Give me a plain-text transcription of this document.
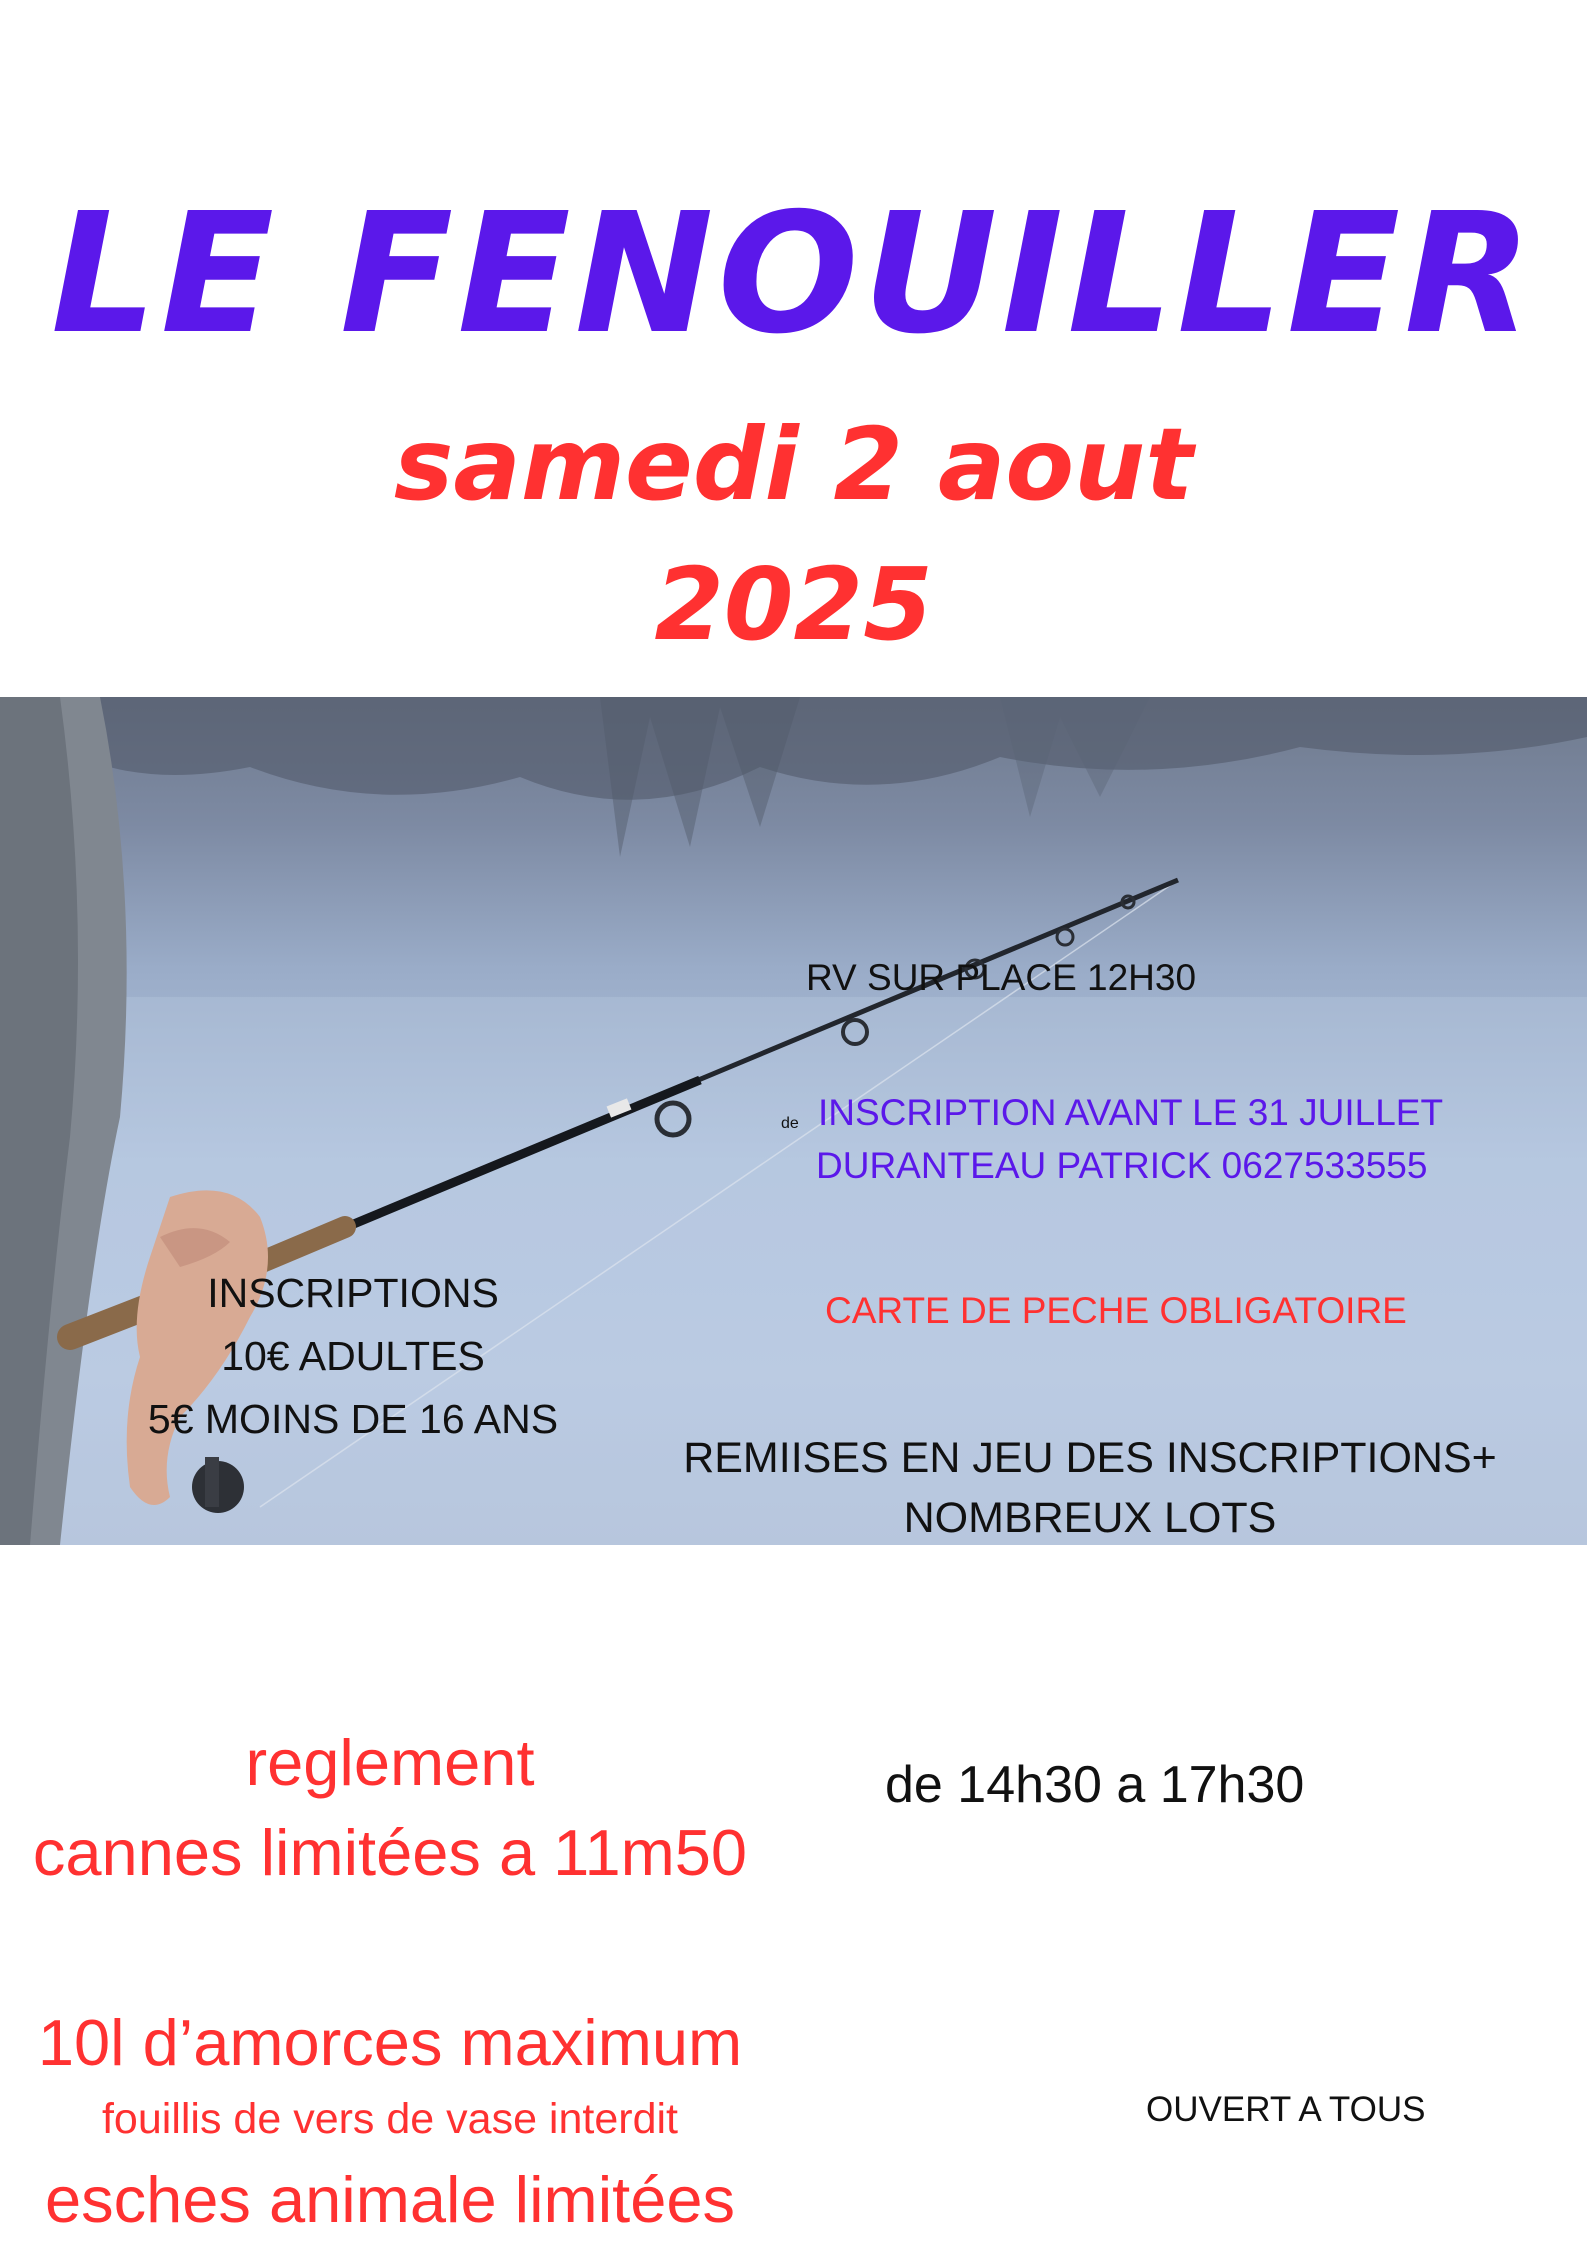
LE FENOUILLER
samedi 2 aout
2025
RV SUR PLACE 12H30
de INSCRIPTION AVANT LE 31 JUILLET
DURANTEAU PATRICK 0627533555
CARTE DE PECHE OBLIGATOIRE
REMIISES EN JEU DES INSCRIPTIONS+
NOMBREUX LOTS
INSCRIPTIONS
10€ ADULTES
5€ MOINS DE 16 ANS
reglement
cannes limitées a 11m50
10l d’amorces maximum
fouillis de vers de vase interdit
esches animale limitées
de 14h30 a 17h30
OUVERT A TOUS
